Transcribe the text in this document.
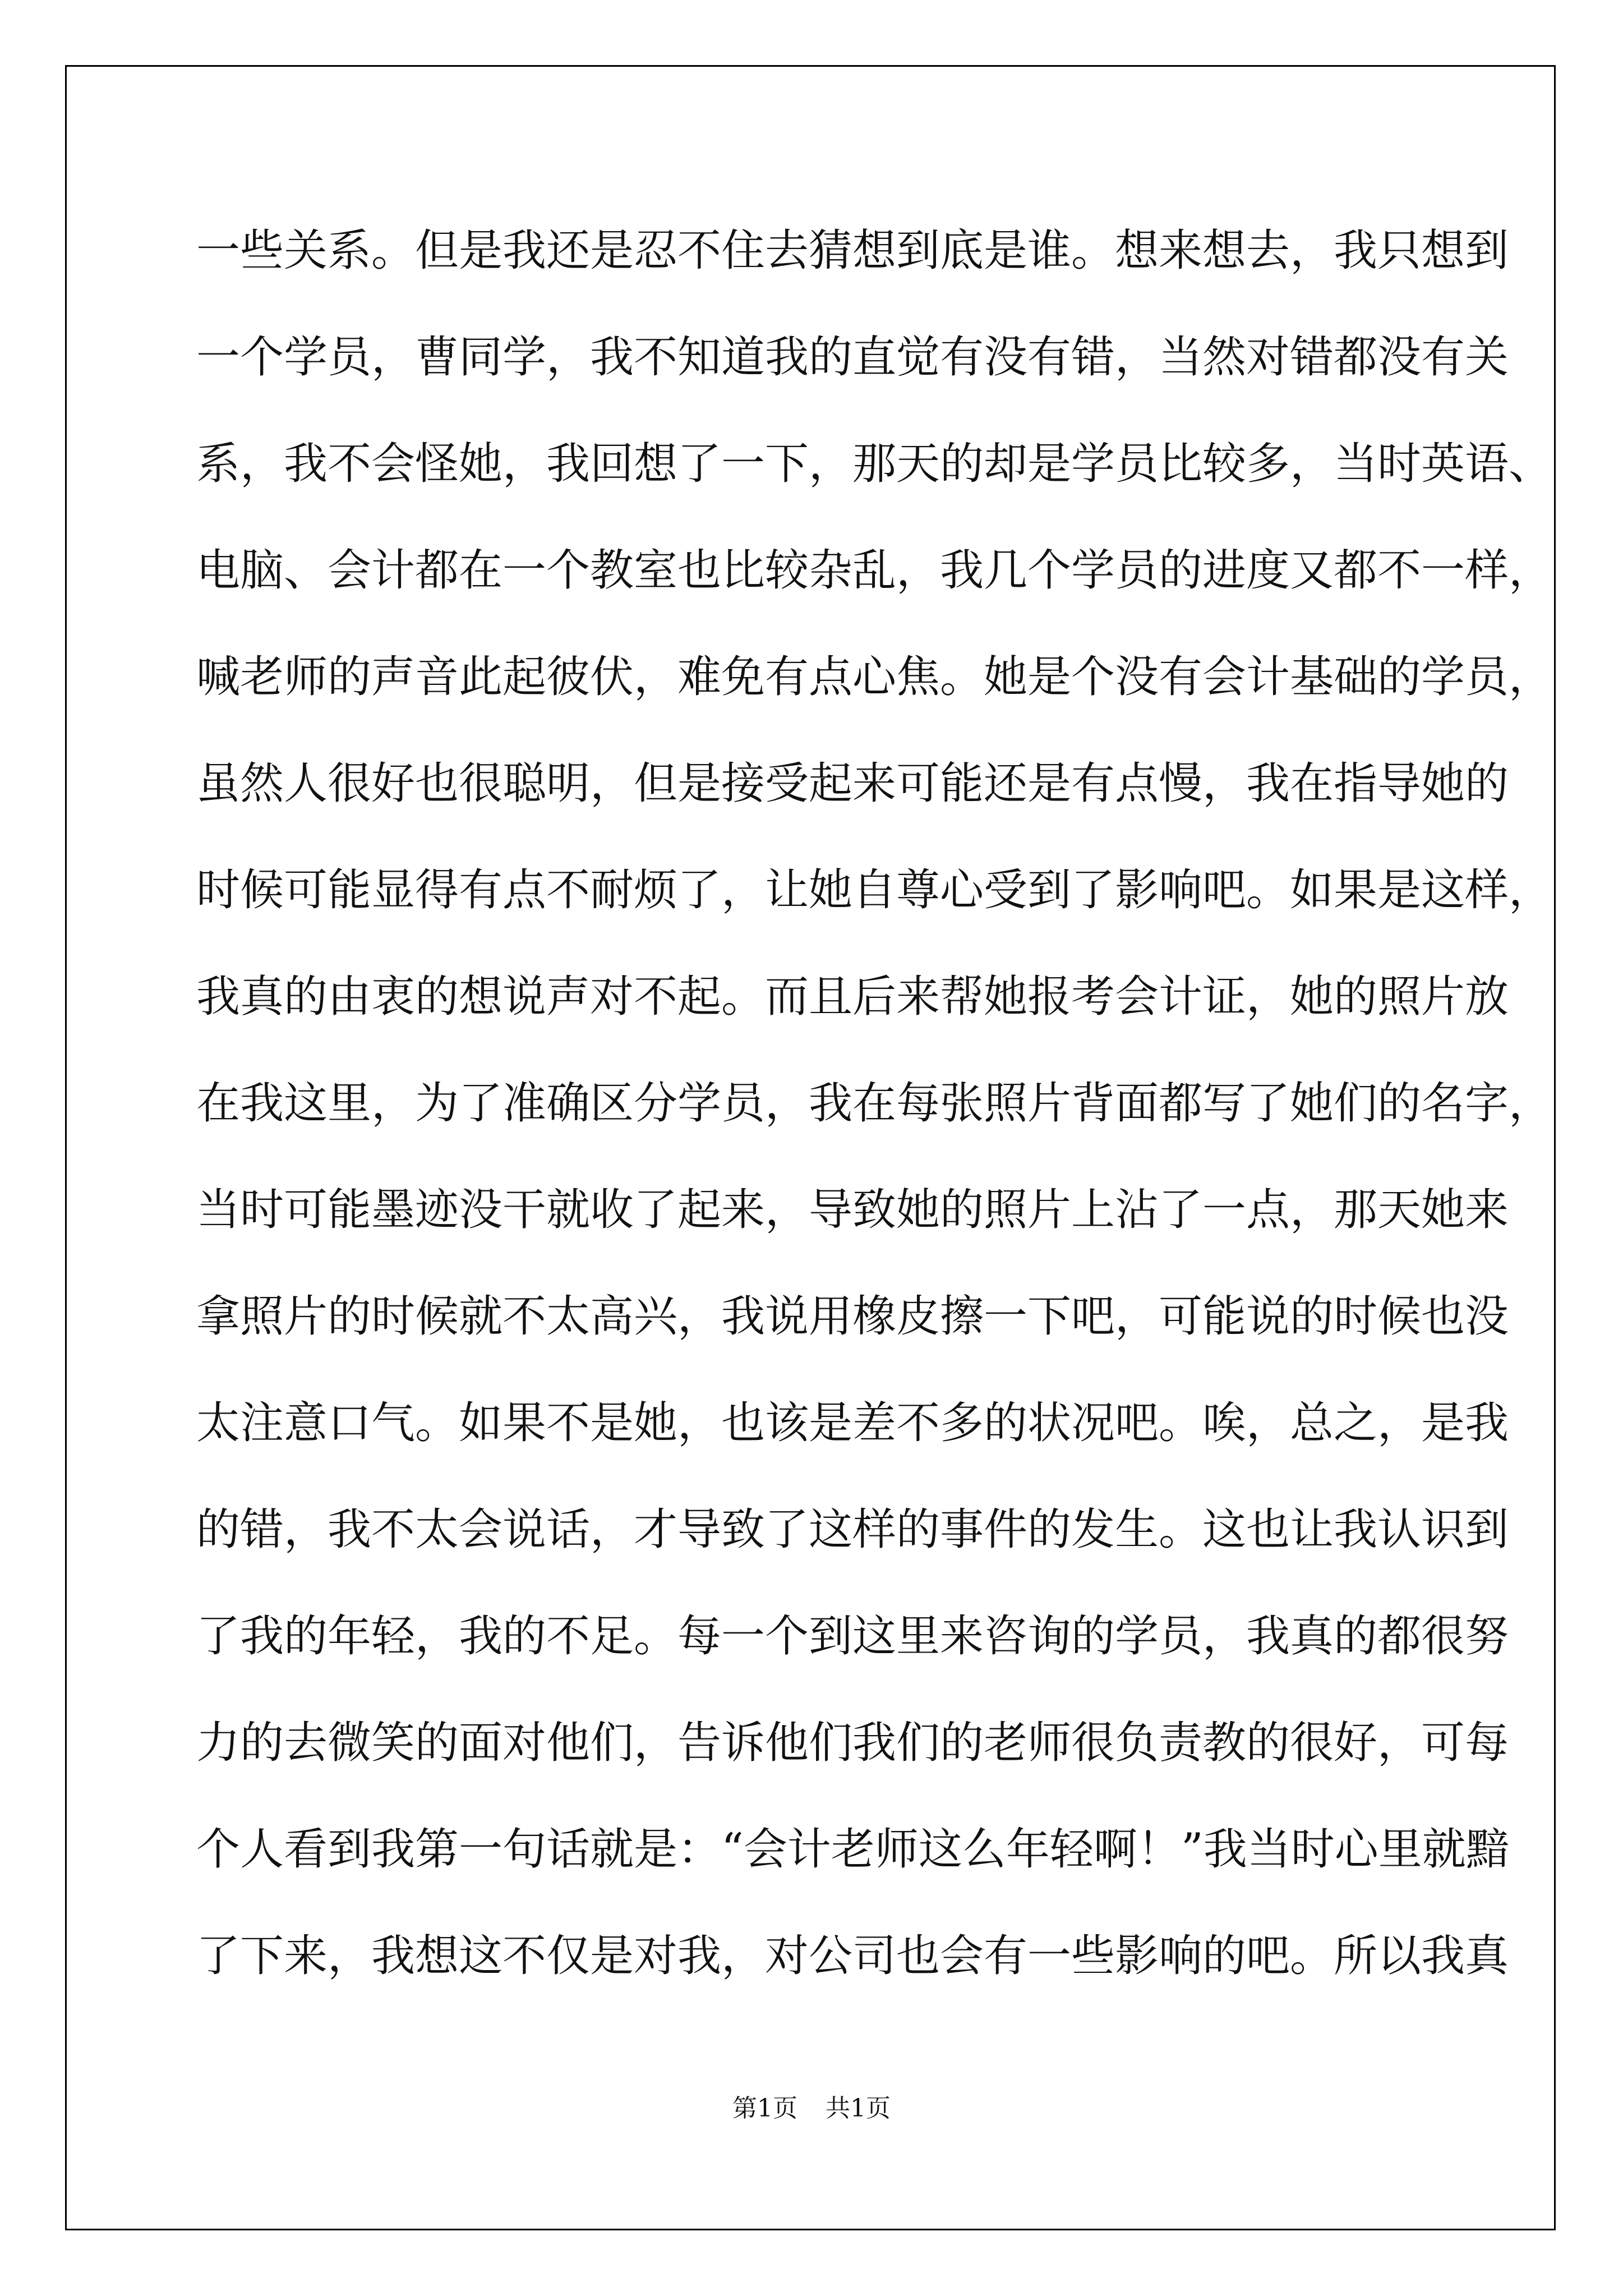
一些关系。但是我还是忍不住去猜想到底是谁。想来想去，我只想到
一个学员，曹同学，我不知道我的直觉有没有错，当然对错都没有关
系，我不会怪她，我回想了一下，那天的却是学员比较多，当时英语、
电脑、会计都在一个教室也比较杂乱，我几个学员的进度又都不一样，
喊老师的声音此起彼伏，难免有点心焦。她是个没有会计基础的学员，
虽然人很好也很聪明，但是接受起来可能还是有点慢，我在指导她的
时候可能显得有点不耐烦了，让她自尊心受到了影响吧。如果是这样，
我真的由衷的想说声对不起。而且后来帮她报考会计证，她的照片放
在我这里，为了准确区分学员，我在每张照片背面都写了她们的名字，
当时可能墨迹没干就收了起来，导致她的照片上沾了一点，那天她来
拿照片的时候就不太高兴，我说用橡皮擦一下吧，可能说的时候也没
太注意口气。如果不是她，也该是差不多的状况吧。唉，总之，是我
的错，我不太会说话，才导致了这样的事件的发生。这也让我认识到
了我的年轻，我的不足。每一个到这里来咨询的学员，我真的都很努
力的去微笑的面对他们，告诉他们我们的老师很负责教的很好，可每
个人看到我第一句话就是：“会计老师这么年轻啊！”我当时心里就黯
了下来，我想这不仅是对我，对公司也会有一些影响的吧。所以我真
第1页 共1页
